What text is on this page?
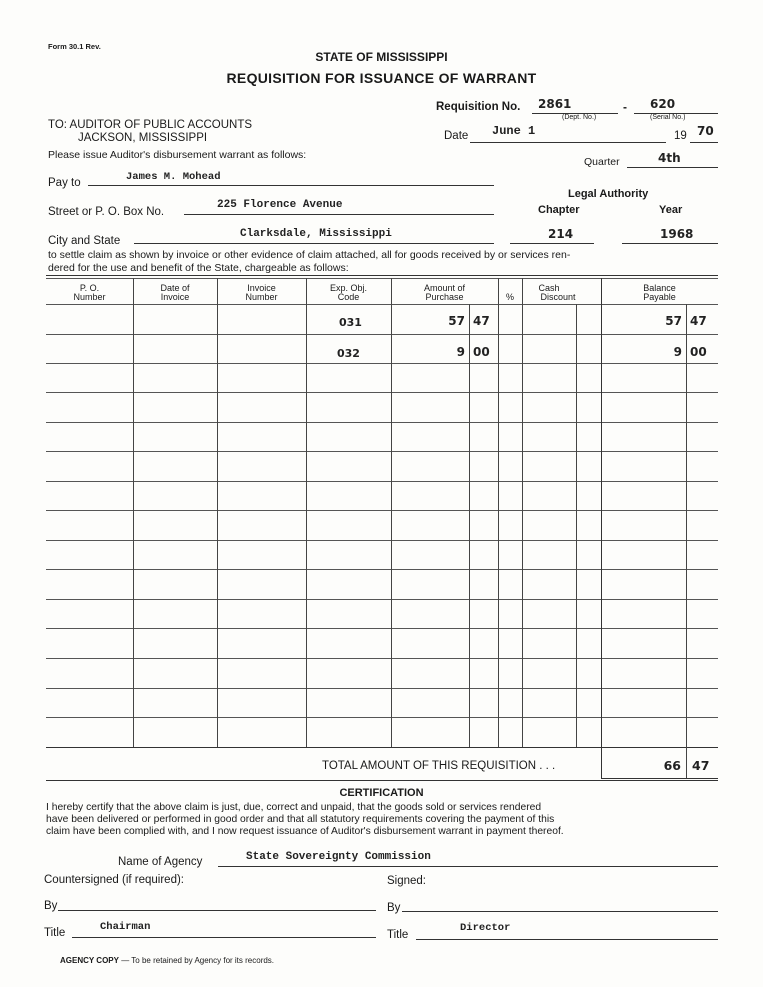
Form 30.1 Rev.
STATE OF MISSISSIPPI
REQUISITION FOR ISSUANCE OF WARRANT
Requisition No. 2861	- 620
(Dept. No.)	(Serial No.)
TO: AUDITOR OF PUBLIC ACCOUNTS
JACKSON, MISSISSIPPI	Date June 1	19 70
Please issue Auditor's disbursement warrant as follows:
Quarter	4th
Pay to	James M. Mohead
Legal Authority
Chapter	Year
Street or P. O. Box No.
225 Florence Avenue
City and State
Clarksdale, Mississippi	214	1968
to settle claim as shown by invoice or other evidence of claim attached, all for goods received by or services ren-
dered for the use and benefit of the State, chargeable as follows:
P. O.
Number
Date of
Invoice
Invoice
Number
Exp. Obj.
Code
Amount of
Purchase	%
Cash
Discount
Balance
Payable
031	57 47	57 47
032	9 00	9 00
TOTAL AMOUNT OF THIS REQUISITION . . .	66 47
CERTIFICATION
I hereby certify that the above claim is just, due, correct and unpaid, that the goods sold or services rendered
have been delivered or performed in good order and that all statutory requirements covering the payment of this
claim have been complied with, and I now request issuance of Auditor's disbursement warrant in payment thereof.
Name of Agency	State Sovereignty Commission
Countersigned (if required):	Signed:
By	By
Title	Chairman
Title
Director
AGENCY COPY — To be retained by Agency for its records.
